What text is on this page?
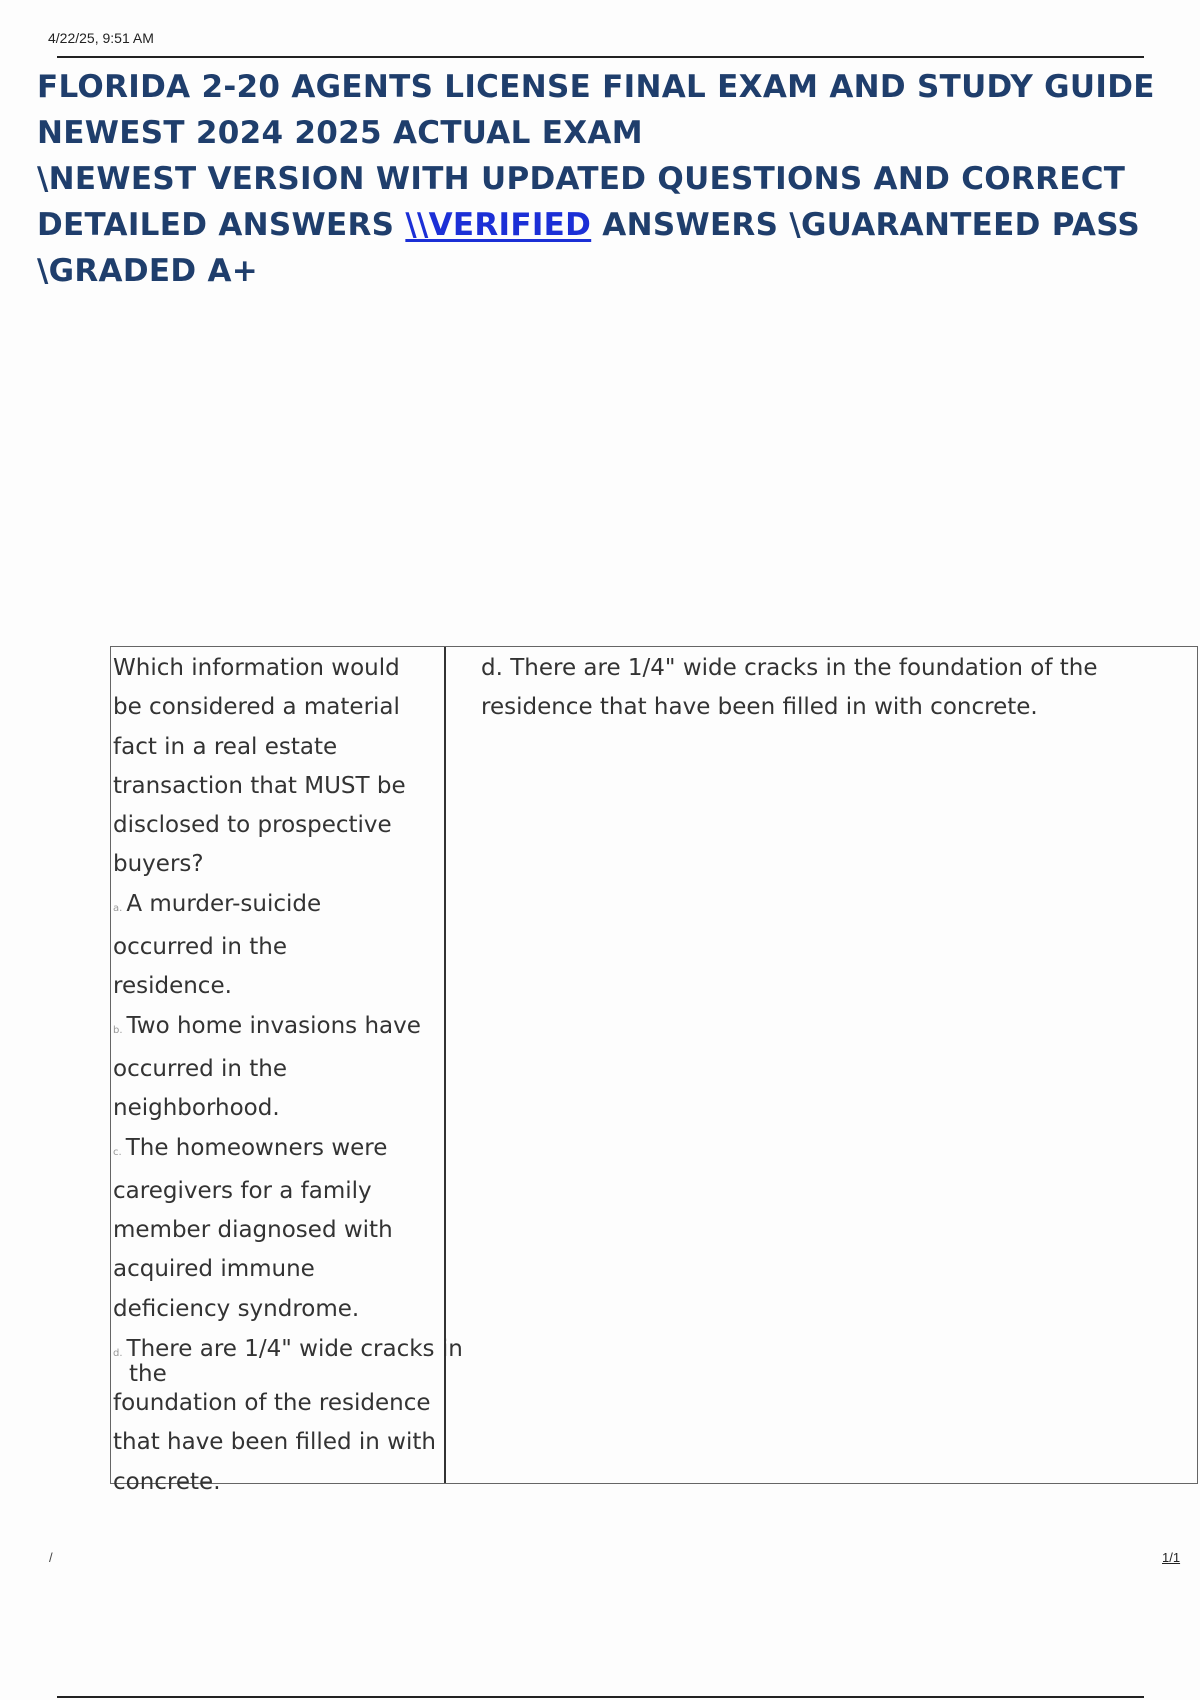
4/22/25, 9:51 AM
FLORIDA 2-20 AGENTS LICENSE FINAL EXAM AND STUDY GUIDE
NEWEST 2024 2025 ACTUAL EXAM
\NEWEST VERSION WITH UPDATED QUESTIONS AND CORRECT
DETAILED ANSWERS \\VERIFIED ANSWERS \GUARANTEED PASS
\GRADED A+
Which information would
be considered a material
fact in a real estate
transaction that MUST be
disclosed to prospective
buyers?
a. A murder-suicide
occurred in the
residence.
b. Two home invasions have
occurred in the
neighborhood.
c. The homeowners were
caregivers for a family
member diagnosed with
acquired immune
deficiency syndrome.
d. There are 1/4" wide cracks in
the
foundation of the residence
that have been filled in with
concrete.
d. There are 1/4" wide cracks in the foundation of the
residence that have been filled in with concrete.
/	1/1
